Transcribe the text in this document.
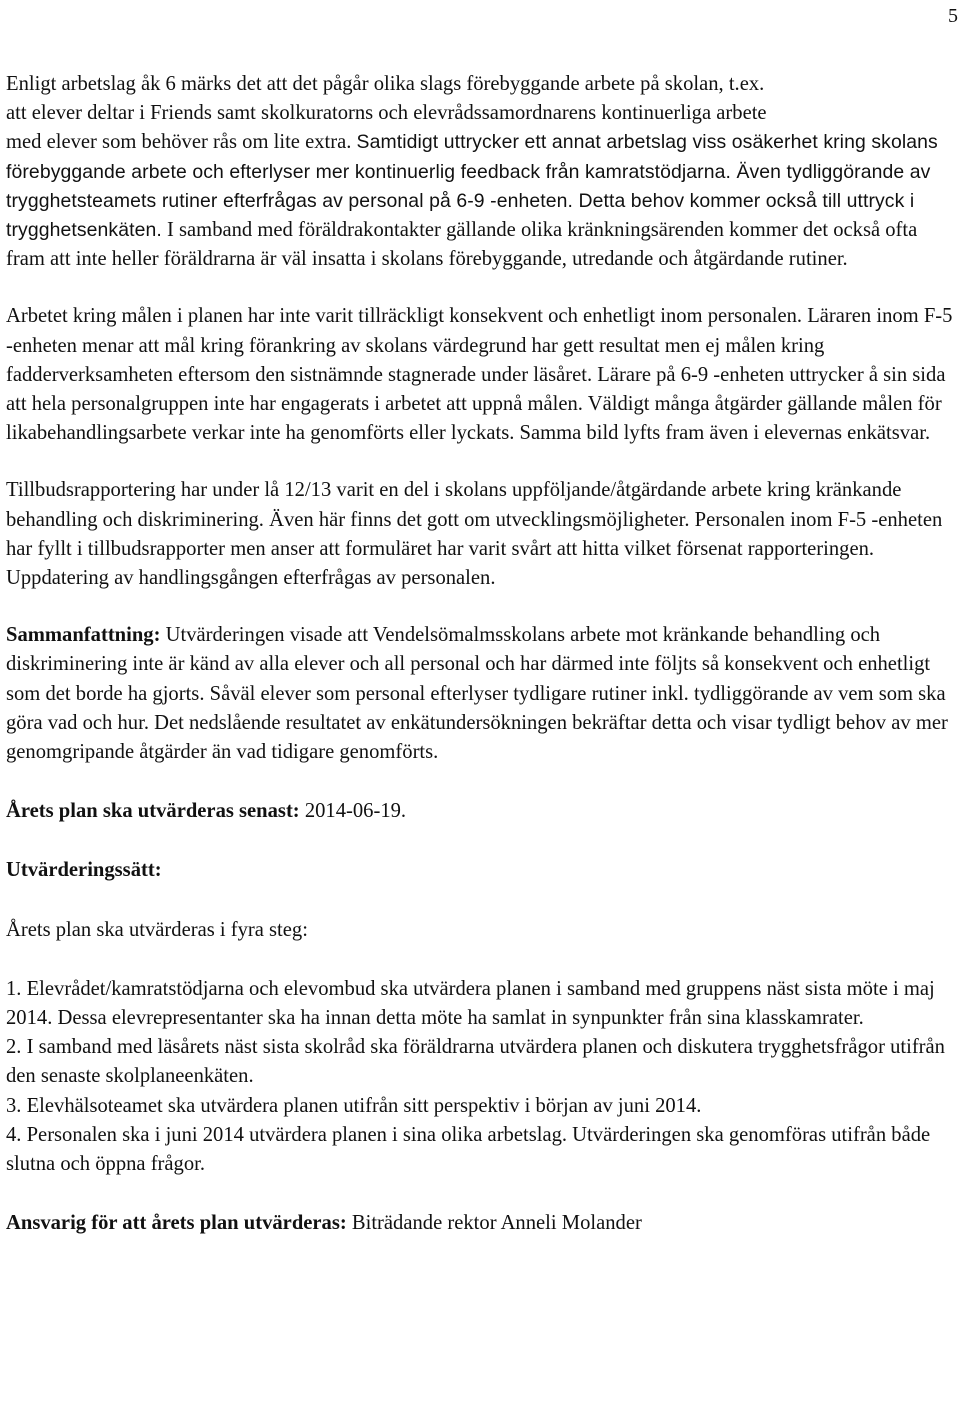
5

Enligt arbetslag åk 6 märks det att det pågår olika slags förebyggande arbete på skolan, t.ex.
att elever deltar i Friends samt skolkuratorns och elevrådssamordnarens kontinuerliga arbete
med elever som behöver rås om lite extra. Samtidigt uttrycker ett annat arbetslag viss osäkerhet kring skolans förebyggande arbete och efterlyser mer kontinuerlig feedback från kamratstödjarna. Även tydliggörande av trygghetsteamets rutiner efterfrågas av personal på 6-9 -enheten. Detta behov kommer också till uttryck i trygghetsenkäten. I samband med föräldrakontakter gällande olika kränkningsärenden kommer det också ofta fram att inte heller föräldrarna är väl insatta i skolans förebyggande, utredande och åtgärdande rutiner.

Arbetet kring målen i planen har inte varit tillräckligt konsekvent och enhetligt inom personalen. Läraren inom F-5 -enheten menar att mål kring förankring av skolans värdegrund har gett resultat men ej målen kring fadderverksamheten eftersom den sistnämnde stagnerade under läsåret. Lärare på 6-9 -enheten uttrycker å sin sida att hela personalgruppen inte har engagerats i arbetet att uppnå målen. Väldigt många åtgärder gällande målen för likabehandlingsarbete verkar inte ha genomförts eller lyckats. Samma bild lyfts fram även i elevernas enkätsvar.

Tillbudsrapportering har under lå 12/13 varit en del i skolans uppföljande/åtgärdande arbete kring kränkande behandling och diskriminering. Även här finns det gott om utvecklingsmöjligheter. Personalen inom F-5 -enheten har fyllt i tillbudsrapporter men anser att formuläret har varit svårt att hitta vilket försenat rapporteringen. Uppdatering av handlingsgången efterfrågas av personalen.

Sammanfattning: Utvärderingen visade att Vendelsömalmsskolans arbete mot kränkande behandling och diskriminering inte är känd av alla elever och all personal och har därmed inte följts så konsekvent och enhetligt som det borde ha gjorts. Såväl elever som personal efterlyser tydligare rutiner inkl. tydliggörande av vem som ska göra vad och hur. Det nedslående resultatet av enkätundersökningen bekräftar detta och visar tydligt behov av mer genomgripande åtgärder än vad tidigare genomförts.

Årets plan ska utvärderas senast: 2014-06-19.

Utvärderingssätt:

Årets plan ska utvärderas i fyra steg:

1. Elevrådet/kamratstödjarna och elevombud ska utvärdera planen i samband med gruppens näst sista möte i maj 2014. Dessa elevrepresentanter ska ha innan detta möte ha samlat in synpunkter från sina klasskamrater.

2. I samband med läsårets näst sista skolråd ska föräldrarna utvärdera planen och diskutera trygghetsfrågor utifrån den senaste skolplaneenkäten.

3. Elevhälsoteamet ska utvärdera planen utifrån sitt perspektiv i början av juni 2014.

4. Personalen ska i juni 2014 utvärdera planen i sina olika arbetslag. Utvärderingen ska genomföras utifrån både slutna och öppna frågor.

Ansvarig för att årets plan utvärderas: Biträdande rektor Anneli Molander
